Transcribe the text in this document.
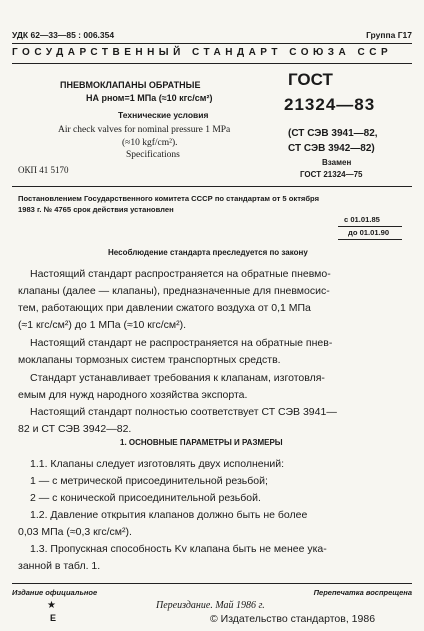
УДК 62—33—85 : 006.354	Группа Г17
ГОСУДАРСТВЕННЫЙ СТАНДАРТ СОЮЗА ССР
ПНЕВМОКЛАПАНЫ ОБРАТНЫЕ
НА pном=1 МПа (≈10 кгс/см²)
Технические условия
Air check valves for nominal pressure 1 MPa
(≈10 kgf/cm²).
Specifications
ГОСТ
21324—83
(СТ СЭВ 3941—82,
СТ СЭВ 3942—82)
Взамен
ГОСТ 21324—75
ОКП 41 5170
Постановлением Государственного комитета СССР по стандартам от 5 октября
1983 г. № 4765 срок действия установлен
с 01.01.85
до 01.01.90
Несоблюдение стандарта преследуется по закону
Настоящий стандарт распространяется на обратные пневмо-
клапаны (далее — клапаны), предназначенные для пневмосис-
тем, работающих при давлении сжатого воздуха от 0,1 МПа
(≈1 кгс/см²) до 1 МПа (≈10 кгс/см²).
Настоящий стандарт не распространяется на обратные пнев-
моклапаны тормозных систем транспортных средств.
Стандарт устанавливает требования к клапанам, изготовля-
емым для нужд народного хозяйства экспорта.
Настоящий стандарт полностью соответствует СТ СЭВ 3941—
82 и СТ СЭВ 3942—82.
1. ОСНОВНЫЕ ПАРАМЕТРЫ И РАЗМЕРЫ
1.1. Клапаны следует изготовлять двух исполнений:
1 — с метрической присоединительной резьбой;
2 — с конической присоединительной резьбой.
1.2. Давление открытия клапанов должно быть не более
0,03 МПа (≈0,3 кгс/см²).
1.3. Пропускная способность Kv клапана быть не менее ука-
занной в табл. 1.
Издание официальное	Перепечатка воспрещена
★
Е
Переиздание. Май 1986 г.
© Издательство стандартов, 1986
